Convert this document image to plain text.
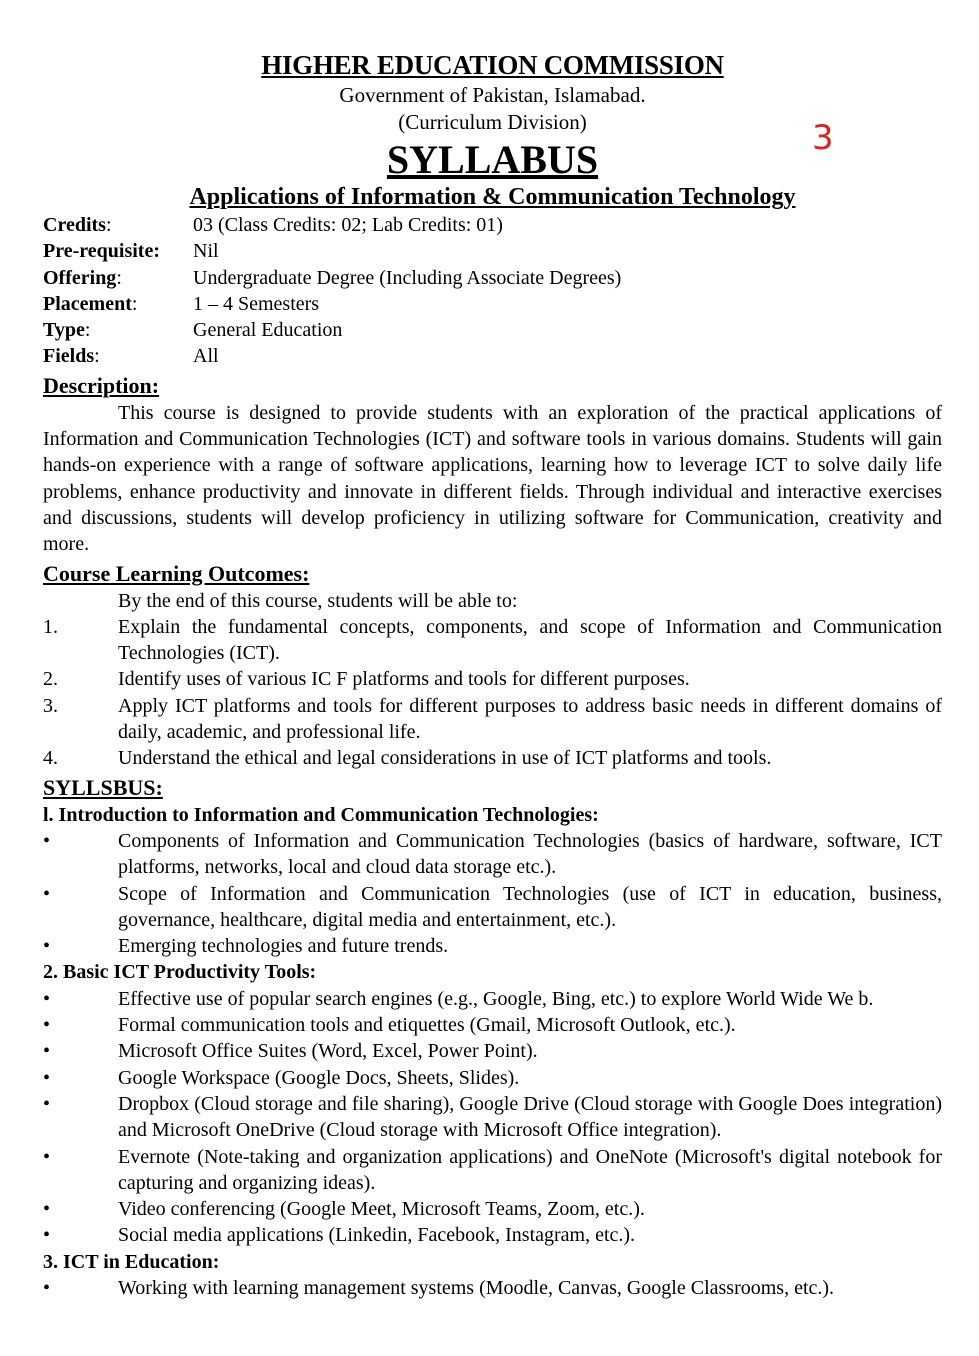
3
HIGHER EDUCATION COMMISSION
Government of Pakistan, Islamabad.
(Curriculum Division)
SYLLABUS
Applications of Information & Communication Technology
Credits:	03 (Class Credits: 02; Lab Credits: 01)
Pre-requisite:	Nil
Offering:	Undergraduate Degree (Including Associate Degrees)
Placement:	1 – 4 Semesters
Type:	General Education
Fields:	All
Description:
This course is designed to provide students with an exploration of the practical applications of Information and Communication Technologies (ICT) and software tools in various domains. Students will gain hands-on experience with a range of software applications, learning how to leverage ICT to solve daily life problems, enhance productivity and innovate in different fields. Through individual and interactive exercises and discussions, students will develop proficiency in utilizing software for Communication, creativity and more.
Course Learning Outcomes:
By the end of this course, students will be able to:
1.	Explain the fundamental concepts, components, and scope of Information and Communication Technologies (ICT).
2.	Identify uses of various IC F platforms and tools for different purposes.
3.	Apply ICT platforms and tools for different purposes to address basic needs in different domains of daily, academic, and professional life.
4.	Understand the ethical and legal considerations in use of ICT platforms and tools.
SYLLSBUS:
l. Introduction to Information and Communication Technologies:
•	Components of Information and Communication Technologies (basics of hardware, software, ICT platforms, networks, local and cloud data storage etc.).
•	Scope of Information and Communication Technologies (use of ICT in education, business, governance, healthcare, digital media and entertainment, etc.).
•	Emerging technologies and future trends.
2. Basic ICT Productivity Tools:
•	Effective use of popular search engines (e.g., Google, Bing, etc.) to explore World Wide We b.
•	Formal communication tools and etiquettes (Gmail, Microsoft Outlook, etc.).
•	Microsoft Office Suites (Word, Excel, Power Point).
•	Google Workspace (Google Docs, Sheets, Slides).
•	Dropbox (Cloud storage and file sharing), Google Drive (Cloud storage with Google Does integration) and Microsoft OneDrive (Cloud storage with Microsoft Office integration).
•	Evernote (Note-taking and organization applications) and OneNote (Microsoft's digital notebook for capturing and organizing ideas).
•	Video conferencing (Google Meet, Microsoft Teams, Zoom, etc.).
•	Social media applications (Linkedin, Facebook, Instagram, etc.).
3. ICT in Education:
•	Working with learning management systems (Moodle, Canvas, Google Classrooms, etc.).
